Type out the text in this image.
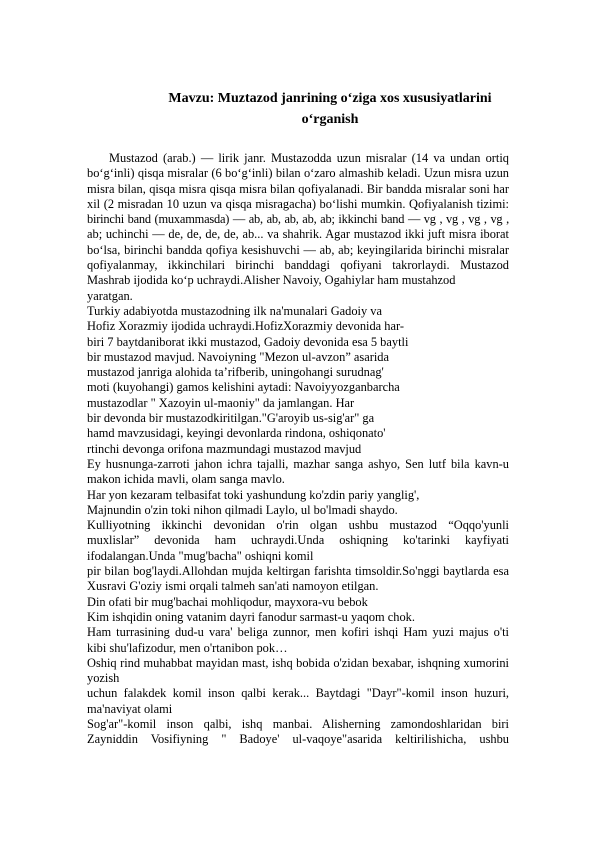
Mavzu: Muztazod janrining o‘ziga xos xususiyatlarini
o‘rganish
Mustazod (arab.) — lirik janr. Mustazodda uzun misralar (14 va undan ortiq
bo‘g‘inli) qisqa misralar (6 bo‘g‘inli) bilan o‘zaro almashib keladi. Uzun misra uzun
misra bilan, qisqa misra qisqa misra bilan qofiyalanadi. Bir bandda misralar soni har
xil (2 misradan 10 uzun va qisqa misragacha) bo‘lishi mumkin. Qofiyalanish tizimi:
birinchi band (muxammasda) — ab, ab, ab, ab, ab; ikkinchi band — vg , vg , vg , vg ,
ab; uchinchi — de, de, de, de, ab... va shahrik. Agar mustazod ikki juft misra iborat
bo‘lsa, birinchi bandda qofiya kesishuvchi — ab, ab; keyingilarida birinchi misralar
qofiyalanmay, ikkinchilari birinchi banddagi qofiyani takrorlaydi. Mustazod
Mashrab ijodida ko‘p uchraydi.Alisher Navoiy, Ogahiylar ham mustahzod
yaratgan.
Turkiy adabiyotda mustazodning ilk na'munalari Gadoiy va
Hofiz Xorazmiy ijodida uchraydi.HofizXorazmiy devonida har-
biri 7 baytdaniborat ikki mustazod, Gadoiy devonida esa 5 baytli
bir mustazod mavjud. Navoiyning "Mezon ul-avzon” asarida
mustazod janriga alohida ta’rifberib, uningohangi surudnag'
moti (kuyohangi) gamos kelishini aytadi: Navoiyyozganbarcha
mustazodlar " Xazoyin ul-maoniy" da jamlangan. Har
bir devonda bir mustazodkiritilgan."G'aroyib us-sig'ar" ga
hamd mavzusidagi, keyingi devonlarda rindona, oshiqonato'
rtinchi devonga orifona mazmundagi mustazod mavjud
Ey husnunga-zarroti jahon ichra tajalli, mazhar sanga ashyo, Sen lutf bila kavn-u
makon ichida mavli, olam sanga mavlo.
Har yon kezaram telbasifat toki yashundung ko'zdin pariy yanglig',
Majnundin o'zin toki nihon qilmadi Laylo, ul bo'lmadi shaydo.
Kulliyotning ikkinchi devonidan o'rin olgan ushbu mustazod “Oqqo'yunli
muxlislar” devonida ham uchraydi.Unda oshiqning ko'tarinki kayfiyati
ifodalangan.Unda "mug'bacha" oshiqni komil
pir bilan bog'laydi.Allohdan mujda keltirgan farishta timsoldir.So'nggi baytlarda esa
Xusravi G'oziy ismi orqali talmeh san'ati namoyon etilgan.
Din ofati bir mug'bachai mohliqodur, mayxora-vu bebok
Kim ishqidin oning vatanim dayri fanodur sarmast-u yaqom chok.
Ham turrasining dud-u vara' beliga zunnor, men kofiri ishqi Ham yuzi majus o'ti
kibi shu'lafizodur, men o'rtanibon pok…
Oshiq rind muhabbat mayidan mast, ishq bobida o'zidan bexabar, ishqning xumorini
yozish
uchun falakdek komil inson qalbi kerak... Baytdagi "Dayr"-komil inson huzuri,
ma'naviyat olami
Sog'ar"-komil inson qalbi, ishq manbai. Alisherning zamondoshlaridan biri
Zayniddin Vosifiyning " Badoye' ul-vaqoye"asarida keltirilishicha, ushbu
